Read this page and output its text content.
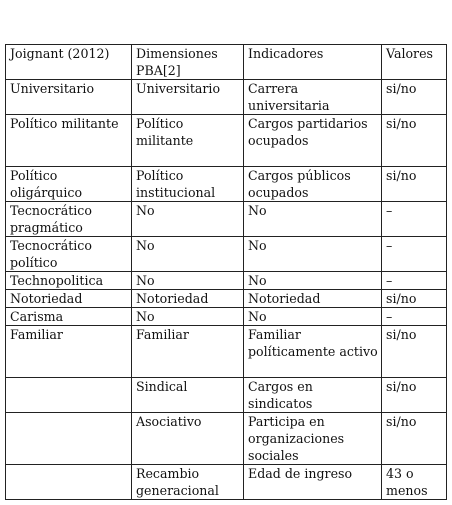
Joignant (2012)	Dimensiones PBA[2]	Indicadores	Valores
Universitario	Universitario	Carrera universitaria	si/no
Político militante	Político militante	Cargos partidarios ocupados	si/no
Político oligárquico	Político institucional	Cargos públicos ocupados	si/no
Tecnocrático pragmático	No	No	–
Tecnocrático político	No	No	–
Technopolitica	No	No	–
Notoriedad	Notoriedad	Notoriedad	si/no
Carisma	No	No	–
Familiar	Familiar	Familiar políticamente activo	si/no
	Sindical	Cargos en sindicatos	si/no
	Asociativo	Participa en organizaciones sociales	si/no
	Recambio generacional	Edad de ingreso	43 o menos
